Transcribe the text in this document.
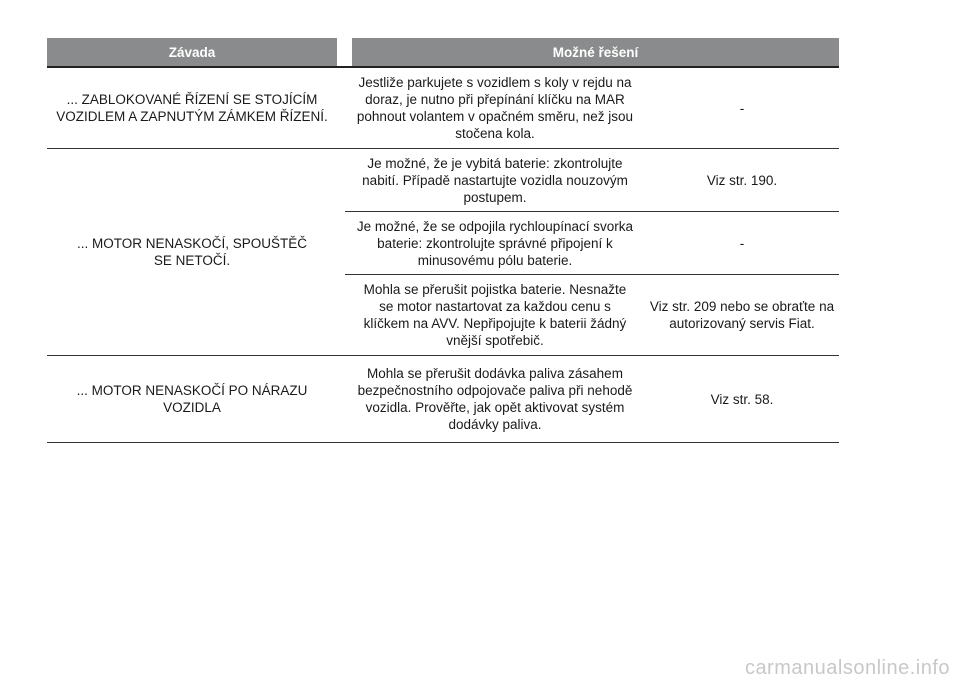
Závada	Možné řešení
... ZABLOKOVANÉ ŘÍZENÍ SE STOJÍCÍM VOZIDLEM A ZAPNUTÝM ZÁMKEM ŘÍZENÍ.
Jestliže parkujete s vozidlem s koly v rejdu na doraz, je nutno při přepínání klíčku na MAR pohnout volantem v opačném směru, než jsou stočena kola.
-
... MOTOR NENASKOČÍ, SPOUŠTĚČ SE NETOČÍ.
Je možné, že je vybitá baterie: zkontrolujte nabití. Případě nastartujte vozidla nouzovým postupem.
Viz str. 190.
Je možné, že se odpojila rychloupínací svorka baterie: zkontrolujte správné připojení k minusovému pólu baterie.
-
Mohla se přerušit pojistka baterie. Nesnažte se motor nastartovat za každou cenu s klíčkem na AVV. Nepřipojujte k baterii žádný vnější spotřebič.
Viz str. 209 nebo se obraťte na autorizovaný servis Fiat.
... MOTOR NENASKOČÍ PO NÁRAZU VOZIDLA
Mohla se přerušit dodávka paliva zásahem bezpečnostního odpojovače paliva při nehodě vozidla. Prověřte, jak opět aktivovat systém dodávky paliva.
Viz str. 58.
carmanualsonline.info
